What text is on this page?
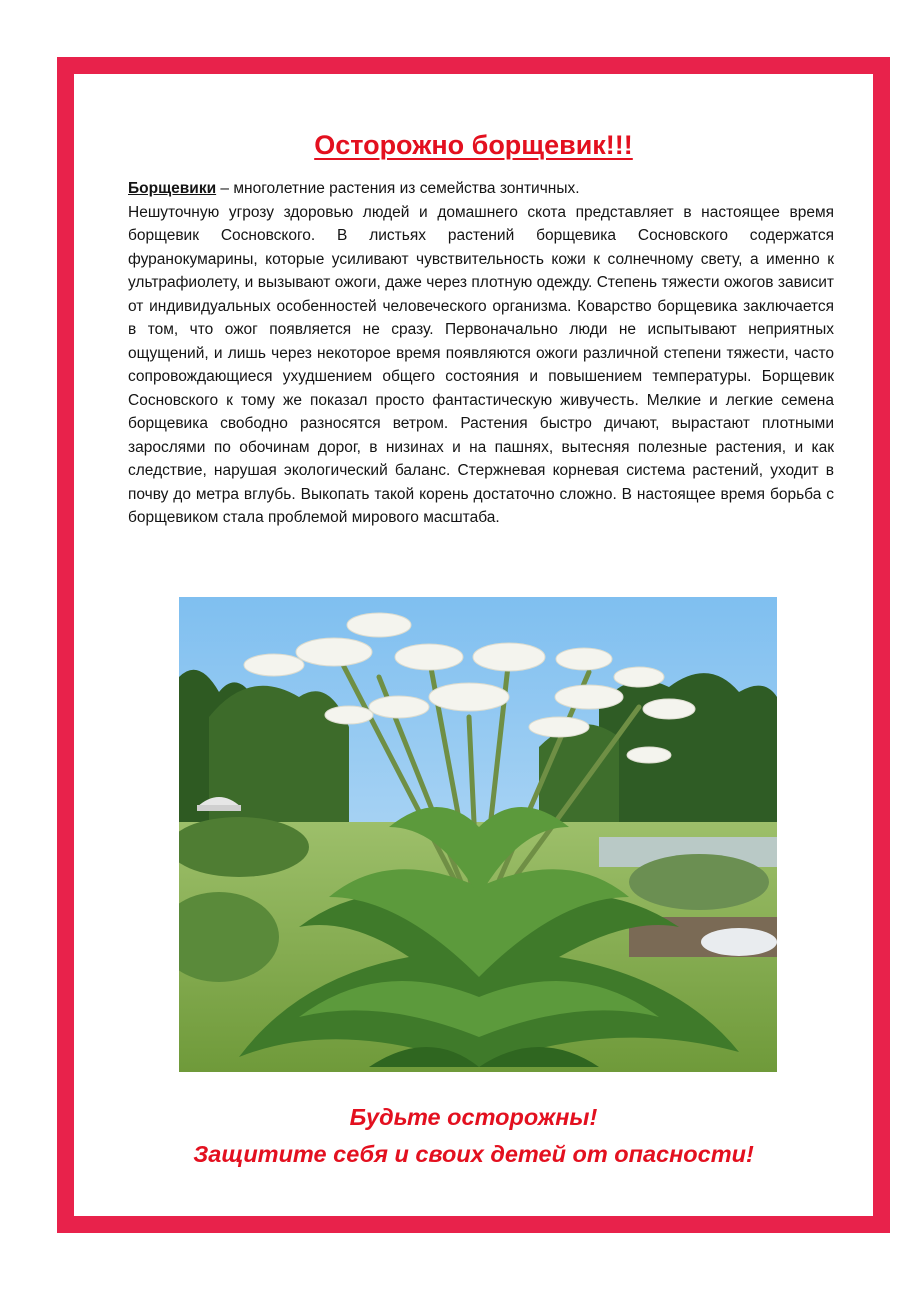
Осторожно борщевик!!!

Борщевики – многолетние растения из семейства зонтичных.

Нешуточную угрозу здоровью людей и домашнего скота представляет в настоящее время борщевик Сосновского. В листьях растений борщевика Сосновского содержатся фуранокумарины, которые усиливают чувствительность кожи к солнечному свету, а именно к ультрафиолету, и вызывают ожоги, даже через плотную одежду. Степень тяжести ожогов зависит от индивидуальных особенностей человеческого организма. Коварство борщевика заключается в том, что ожог появляется не сразу. Первоначально люди не испытывают неприятных ощущений, и лишь через некоторое время появляются ожоги различной степени тяжести, часто сопровождающиеся ухудшением общего состояния и повышением температуры. Борщевик Сосновского к тому же показал просто фантастическую живучесть. Мелкие и легкие семена борщевика свободно разносятся ветром. Растения быстро дичают, вырастают плотными зарослями по обочинам дорог, в низинах и на пашнях, вытесняя полезные растения, и как следствие, нарушая экологический баланс. Стержневая корневая система растений, уходит в почву до метра вглубь. Выкопать такой корень достаточно сложно. В настоящее время борьба с борщевиком стала проблемой мирового масштаба.

Будьте осторожны!
Защитите себя и своих детей от опасности!
